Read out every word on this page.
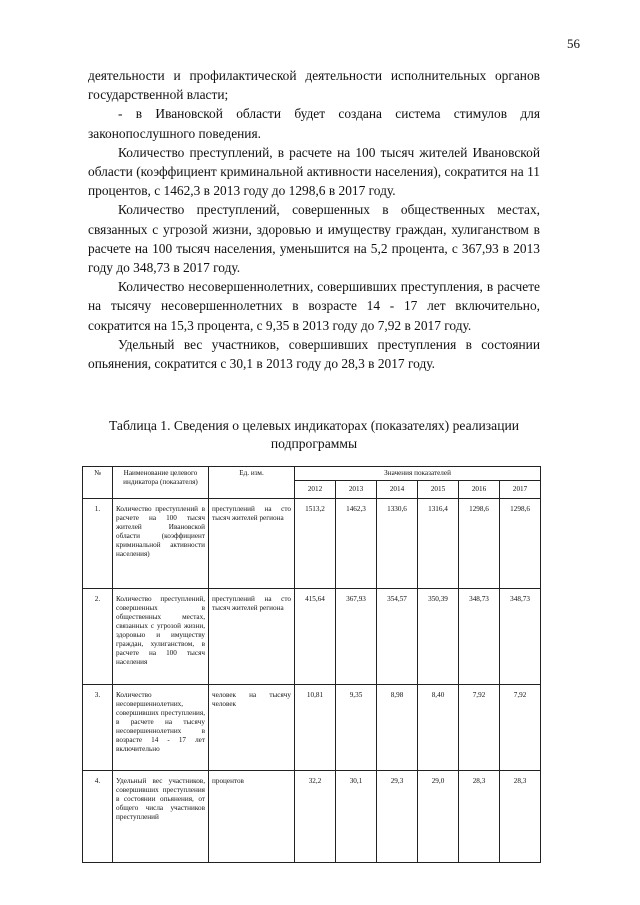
56

деятельности и профилактической деятельности исполнительных органов государственной власти;

- в Ивановской области будет создана система стимулов для законопослушного поведения.

Количество преступлений, в расчете на 100 тысяч жителей Ивановской области (коэффициент криминальной активности населения), сократится на 11 процентов, с 1462,3 в 2013 году до 1298,6 в 2017 году.

Количество преступлений, совершенных в общественных местах, связанных с угрозой жизни, здоровью и имуществу граждан, хулиганством в расчете на 100 тысяч населения, уменьшится на 5,2 процента, с 367,93 в 2013 году до 348,73 в 2017 году.

Количество несовершеннолетних, совершивших преступления, в расчете на тысячу несовершеннолетних в возрасте 14 - 17 лет включительно, сократится на 15,3 процента, с 9,35 в 2013 году до 7,92 в 2017 году.

Удельный вес участников, совершивших преступления в состоянии опьянения, сократится с 30,1 в 2013 году до 28,3 в 2017 году.

Таблица 1. Сведения о целевых индикаторах (показателях) реализации подпрограммы
№	Наименование целевого индикатора (показателя)	Ед. изм.	Значения показателей					
			2012	2013	2014	2015	2016	2017
1.	Количество преступлений в расчете на 100 тысяч жителей Ивановской области (коэффициент криминальной активности населения)	преступлений на сто тысяч жителей региона	1513,2	1462,3	1330,6	1316,4	1298,6	1298,6
2.	Количество преступлений, совершенных в общественных местах, связанных с угрозой жизни, здоровью и имуществу граждан, хулиганством, в расчете на 100 тысяч населения	преступлений на сто тысяч жителей региона	415,64	367,93	354,57	350,39	348,73	348,73
3.	Количество несовершеннолетних, совершивших преступления, в расчете на тысячу несовершеннолетних в возрасте 14 - 17 лет включительно	человек на тысячу человек	10,81	9,35	8,98	8,40	7,92	7,92
4.	Удельный вес участников, совершивших преступления в состоянии опьянения, от общего числа участников преступлений	процентов	32,2	30,1	29,3	29,0	28,3	28,3
